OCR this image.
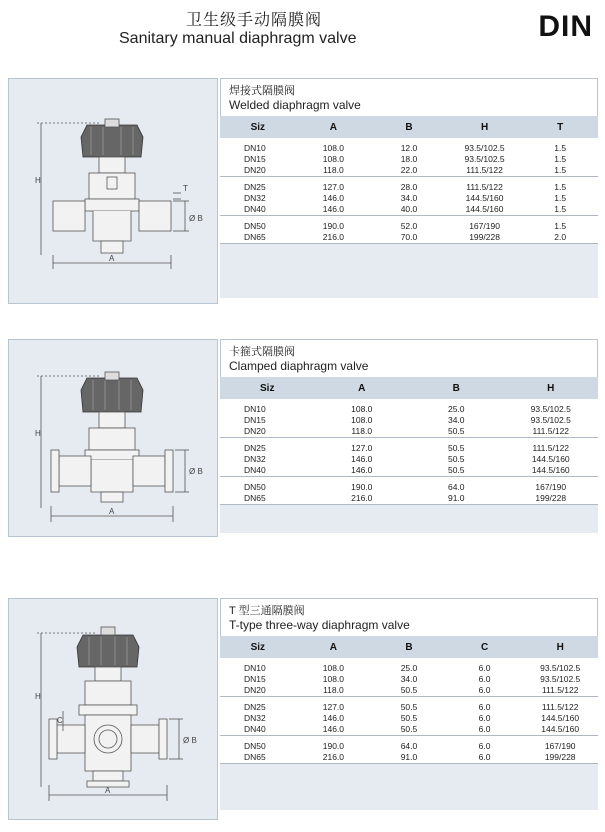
卫生级手动隔膜阀
Sanitary manual diaphragm valve	DIN
H
T
Ø B
A
焊接式隔膜阀
Welded diaphragm valve
Siz	A	B	H	T
DN10	108.0	12.0	93.5/102.5	1.5
DN15	108.0	18.0	93.5/102.5	1.5
DN20	118.0	22.0	111.5/122	1.5
DN25	127.0	28.0	111.5/122	1.5
DN32	146.0	34.0	144.5/160	1.5
DN40	146.0	40.0	144.5/160	1.5
DN50	190.0	52.0	167/190	1.5
DN65	216.0	70.0	199/228	2.0
H
Ø B
A
卡箍式隔膜阀
Clamped diaphragm valve
Siz	A	B	H
DN10	108.0	25.0	93.5/102.5
DN15	108.0	34.0	93.5/102.5
DN20	118.0	50.5	111.5/122
DN25	127.0	50.5	111.5/122
DN32	146.0	50.5	144.5/160
DN40	146.0	50.5	144.5/160
DN50	190.0	64.0	167/190
DN65	216.0	91.0	199/228
H
C
Ø B
A
T 型三通隔膜阀
T-type three-way diaphragm valve
Siz	A	B	C	H
DN10	108.0	25.0	6.0	93.5/102.5
DN15	108.0	34.0	6.0	93.5/102.5
DN20	118.0	50.5	6.0	111.5/122
DN25	127.0	50.5	6.0	111.5/122
DN32	146.0	50.5	6.0	144.5/160
DN40	146.0	50.5	6.0	144.5/160
DN50	190.0	64.0	6.0	167/190
DN65	216.0	91.0	6.0	199/228
